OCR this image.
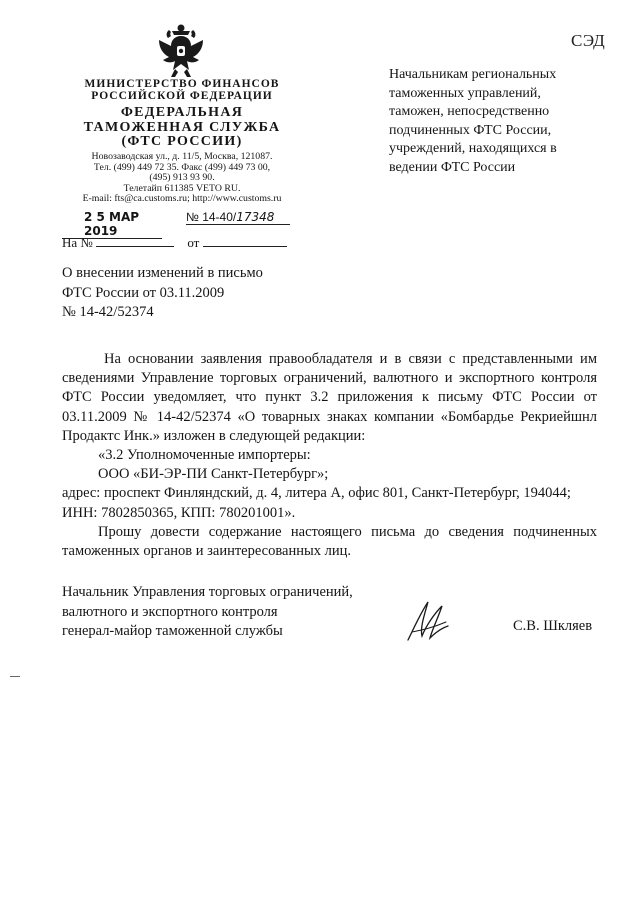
СЭД
МИНИСТЕРСТВО ФИНАНСОВ
РОССИЙСКОЙ ФЕДЕРАЦИИ
ФЕДЕРАЛЬНАЯ
ТАМОЖЕННАЯ СЛУЖБА
(ФТС РОССИИ)
Новозаводская ул., д. 11/5, Москва, 121087.
Тел. (499) 449 72 35. Факс (499) 449 73 00,
(495) 913 93 90.
Телетайп 611385 VETO RU.
E-mail: fts@ca.customs.ru; http://www.customs.ru
2 5 МАР 2019
№ 14-40/17348
На №	от
Начальникам региональных
таможенных управлений,
таможен, непосредственно
подчиненных ФТС России,
учреждений, находящихся в
ведении ФТС России
О внесении изменений в письмо
ФТС России от 03.11.2009
№ 14-42/52374

На основании заявления правообладателя и в связи с представленными им сведениями Управление торговых ограничений, валютного и экспортного контроля ФТС России уведомляет, что пункт 3.2 приложения к письму ФТС России от 03.11.2009 № 14-42/52374 «О товарных знаках компании «Бомбардье Рекриейшнл Продактс Инк.» изложен в следующей редакции:

«3.2 Уполномоченные импортеры:

ООО «БИ-ЭР-ПИ Санкт-Петербург»;

адрес: проспект Финляндский, д. 4, литера А, офис 801, Санкт-Петербург, 194044; ИНН: 7802850365, КПП: 780201001».

Прошу довести содержание настоящего письма до сведения подчиненных таможенных органов и заинтересованных лиц.

Начальник Управления торговых ограничений,
валютного и экспортного контроля
генерал-майор таможенной службы	С.В. Шкляев
